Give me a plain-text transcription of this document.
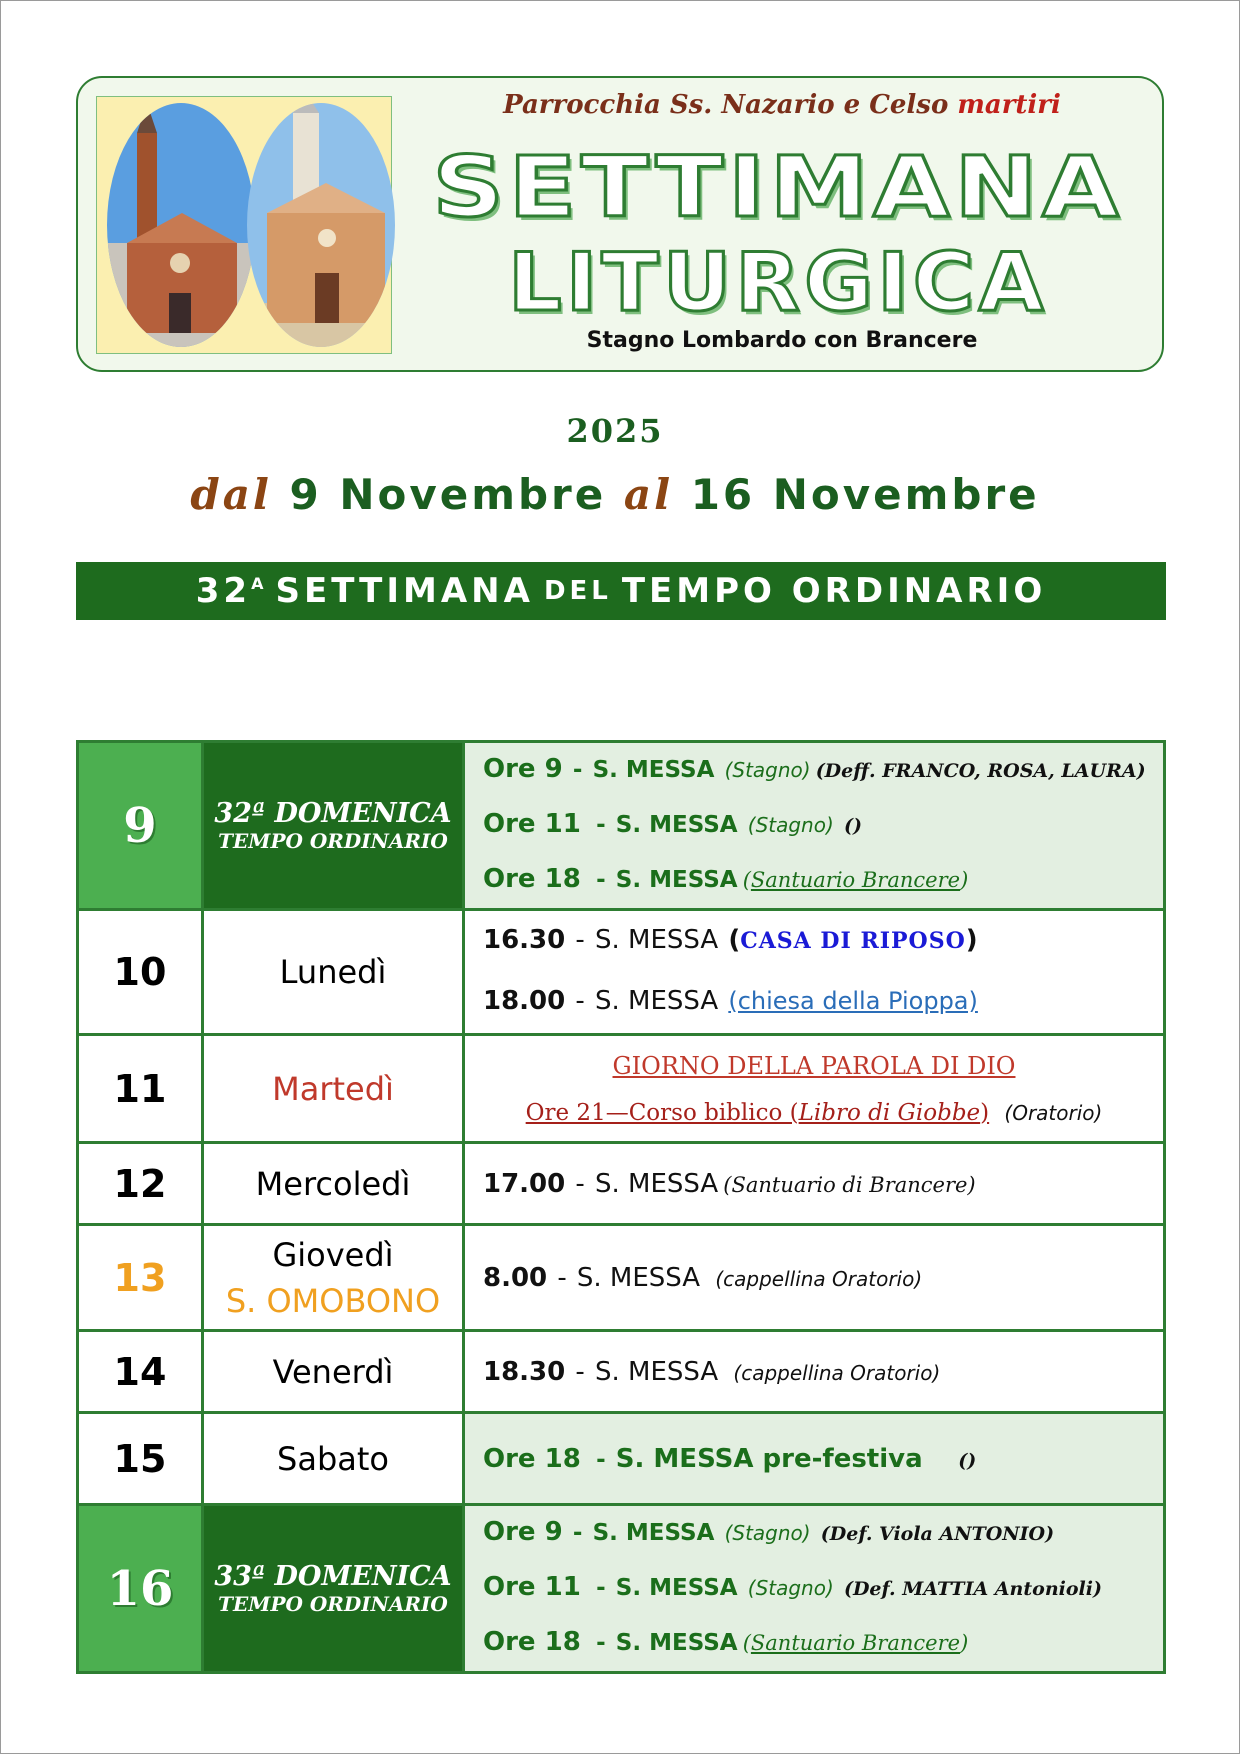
Parrocchia Ss. Nazario e Celso martiri
SETTIMANA
LITURGICA
Stagno Lombardo con Brancere
2025
dal 9 Novembre al 16 Novembre
$32^A$ SETTIMANA DEL TEMPO ORDINARIO
9	32ª DOMENICA
TEMPO ORDINARIO	Ore 9 - S. MESSA (Stagno) (Deff. FRANCO, ROSA, LAURA)
Ore 11 - S. MESSA (Stagno) ()
Ore 18 - S. MESSA (Santuario Brancere)

10	Lunedì	16.30 - S. MESSA (CASA DI RIPOSO)
18.00 - S. MESSA (chiesa della Pioppa)

11	Martedì	GIORNO DELLA PAROLA DI DIO
Ore 21—Corso biblico (Libro di Giobbe) (Oratorio)

12	Mercoledì	17.00 - S. MESSA (Santuario di Brancere)

13	Giovedì
S. OMOBONO	8.00 - S. MESSA (cappellina Oratorio)

14	Venerdì	18.30 - S. MESSA (cappellina Oratorio)

15	Sabato	Ore 18 - S. MESSA pre-festiva ()

16	33ª DOMENICA
TEMPO ORDINARIO	Ore 9 - S. MESSA (Stagno) (Def. Viola ANTONIO)
Ore 11 - S. MESSA (Stagno) (Def. MATTIA Antonioli)
Ore 18 - S. MESSA (Santuario Brancere)
